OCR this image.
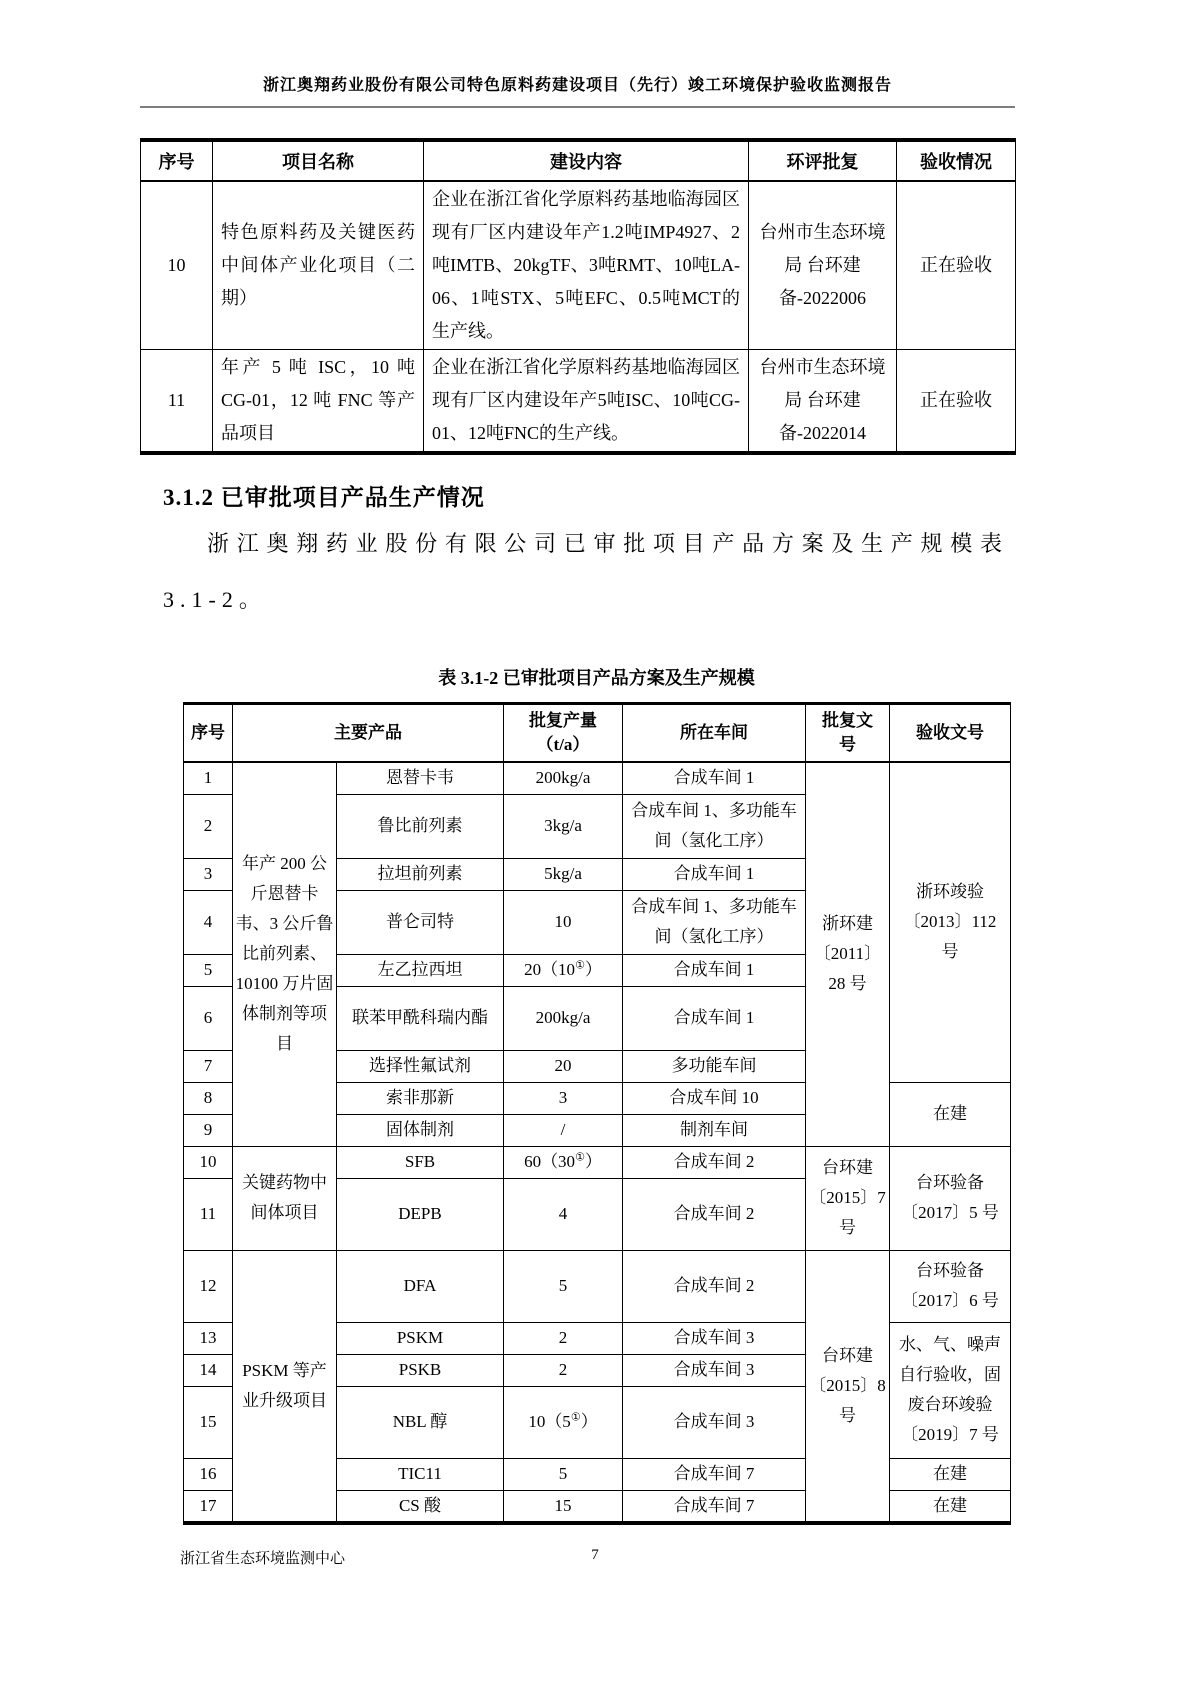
浙江奥翔药业股份有限公司特色原料药建设项目（先行）竣工环境保护验收监测报告
序号	项目名称	建设内容	环评批复	验收情况
10	特色原料药及关键医药中间体产业化项目（二期）	企业在浙江省化学原料药基地临海园区现有厂区内建设年产1.2吨IMP4927、2吨IMTB、20kgTF、3吨RMT、10吨LA-06、1吨STX、5吨EFC、0.5吨MCT的生产线。	台州市生态环境局 台环建备-2022006	正在验收
11	年产 5 吨 ISC，10 吨 CG-01，12 吨 FNC 等产品项目	企业在浙江省化学原料药基地临海园区现有厂区内建设年产5吨ISC、10吨CG-01、12吨FNC的生产线。	台州市生态环境局 台环建备-2022014	正在验收
3.1.2 已审批项目产品生产情况
浙江奥翔药业股份有限公司已审批项目产品方案及生产规模表3.1-2。
表 3.1-2 已审批项目产品方案及生产规模
序号	主要产品		批复产量（t/a）	所在车间	批复文号	验收文号
1	年产 200 公斤恩替卡韦、3 公斤鲁比前列素、10100 万片固体制剂等项目	恩替卡韦	200kg/a	合成车间 1	浙环建〔2011〕28 号	浙环竣验〔2013〕112 号
2		鲁比前列素	3kg/a	合成车间 1、多功能车间（氢化工序）		
3		拉坦前列素	5kg/a	合成车间 1		
4		普仑司特	10	合成车间 1、多功能车间（氢化工序）		
5		左乙拉西坦	20（10①）	合成车间 1		
6		联苯甲酰科瑞内酯	200kg/a	合成车间 1		
7		选择性氟试剂	20	多功能车间		
8		索非那新	3	合成车间 10		在建
9		固体制剂	/	制剂车间		
10	关键药物中间体项目	SFB	60（30①）	合成车间 2	台环建〔2015〕7 号	台环验备〔2017〕5 号
11		DEPB	4	合成车间 2		
12	PSKM 等产业升级项目	DFA	5	合成车间 2	台环建〔2015〕8 号	台环验备〔2017〕6 号
13		PSKM	2	合成车间 3		水、气、噪声自行验收，固废台环竣验〔2019〕7 号
14		PSKB	2	合成车间 3		
15		NBL 醇	10（5①）	合成车间 3		
16		TIC11	5	合成车间 7		在建
17		CS 酸	15	合成车间 7		在建
7
浙江省生态环境监测中心
